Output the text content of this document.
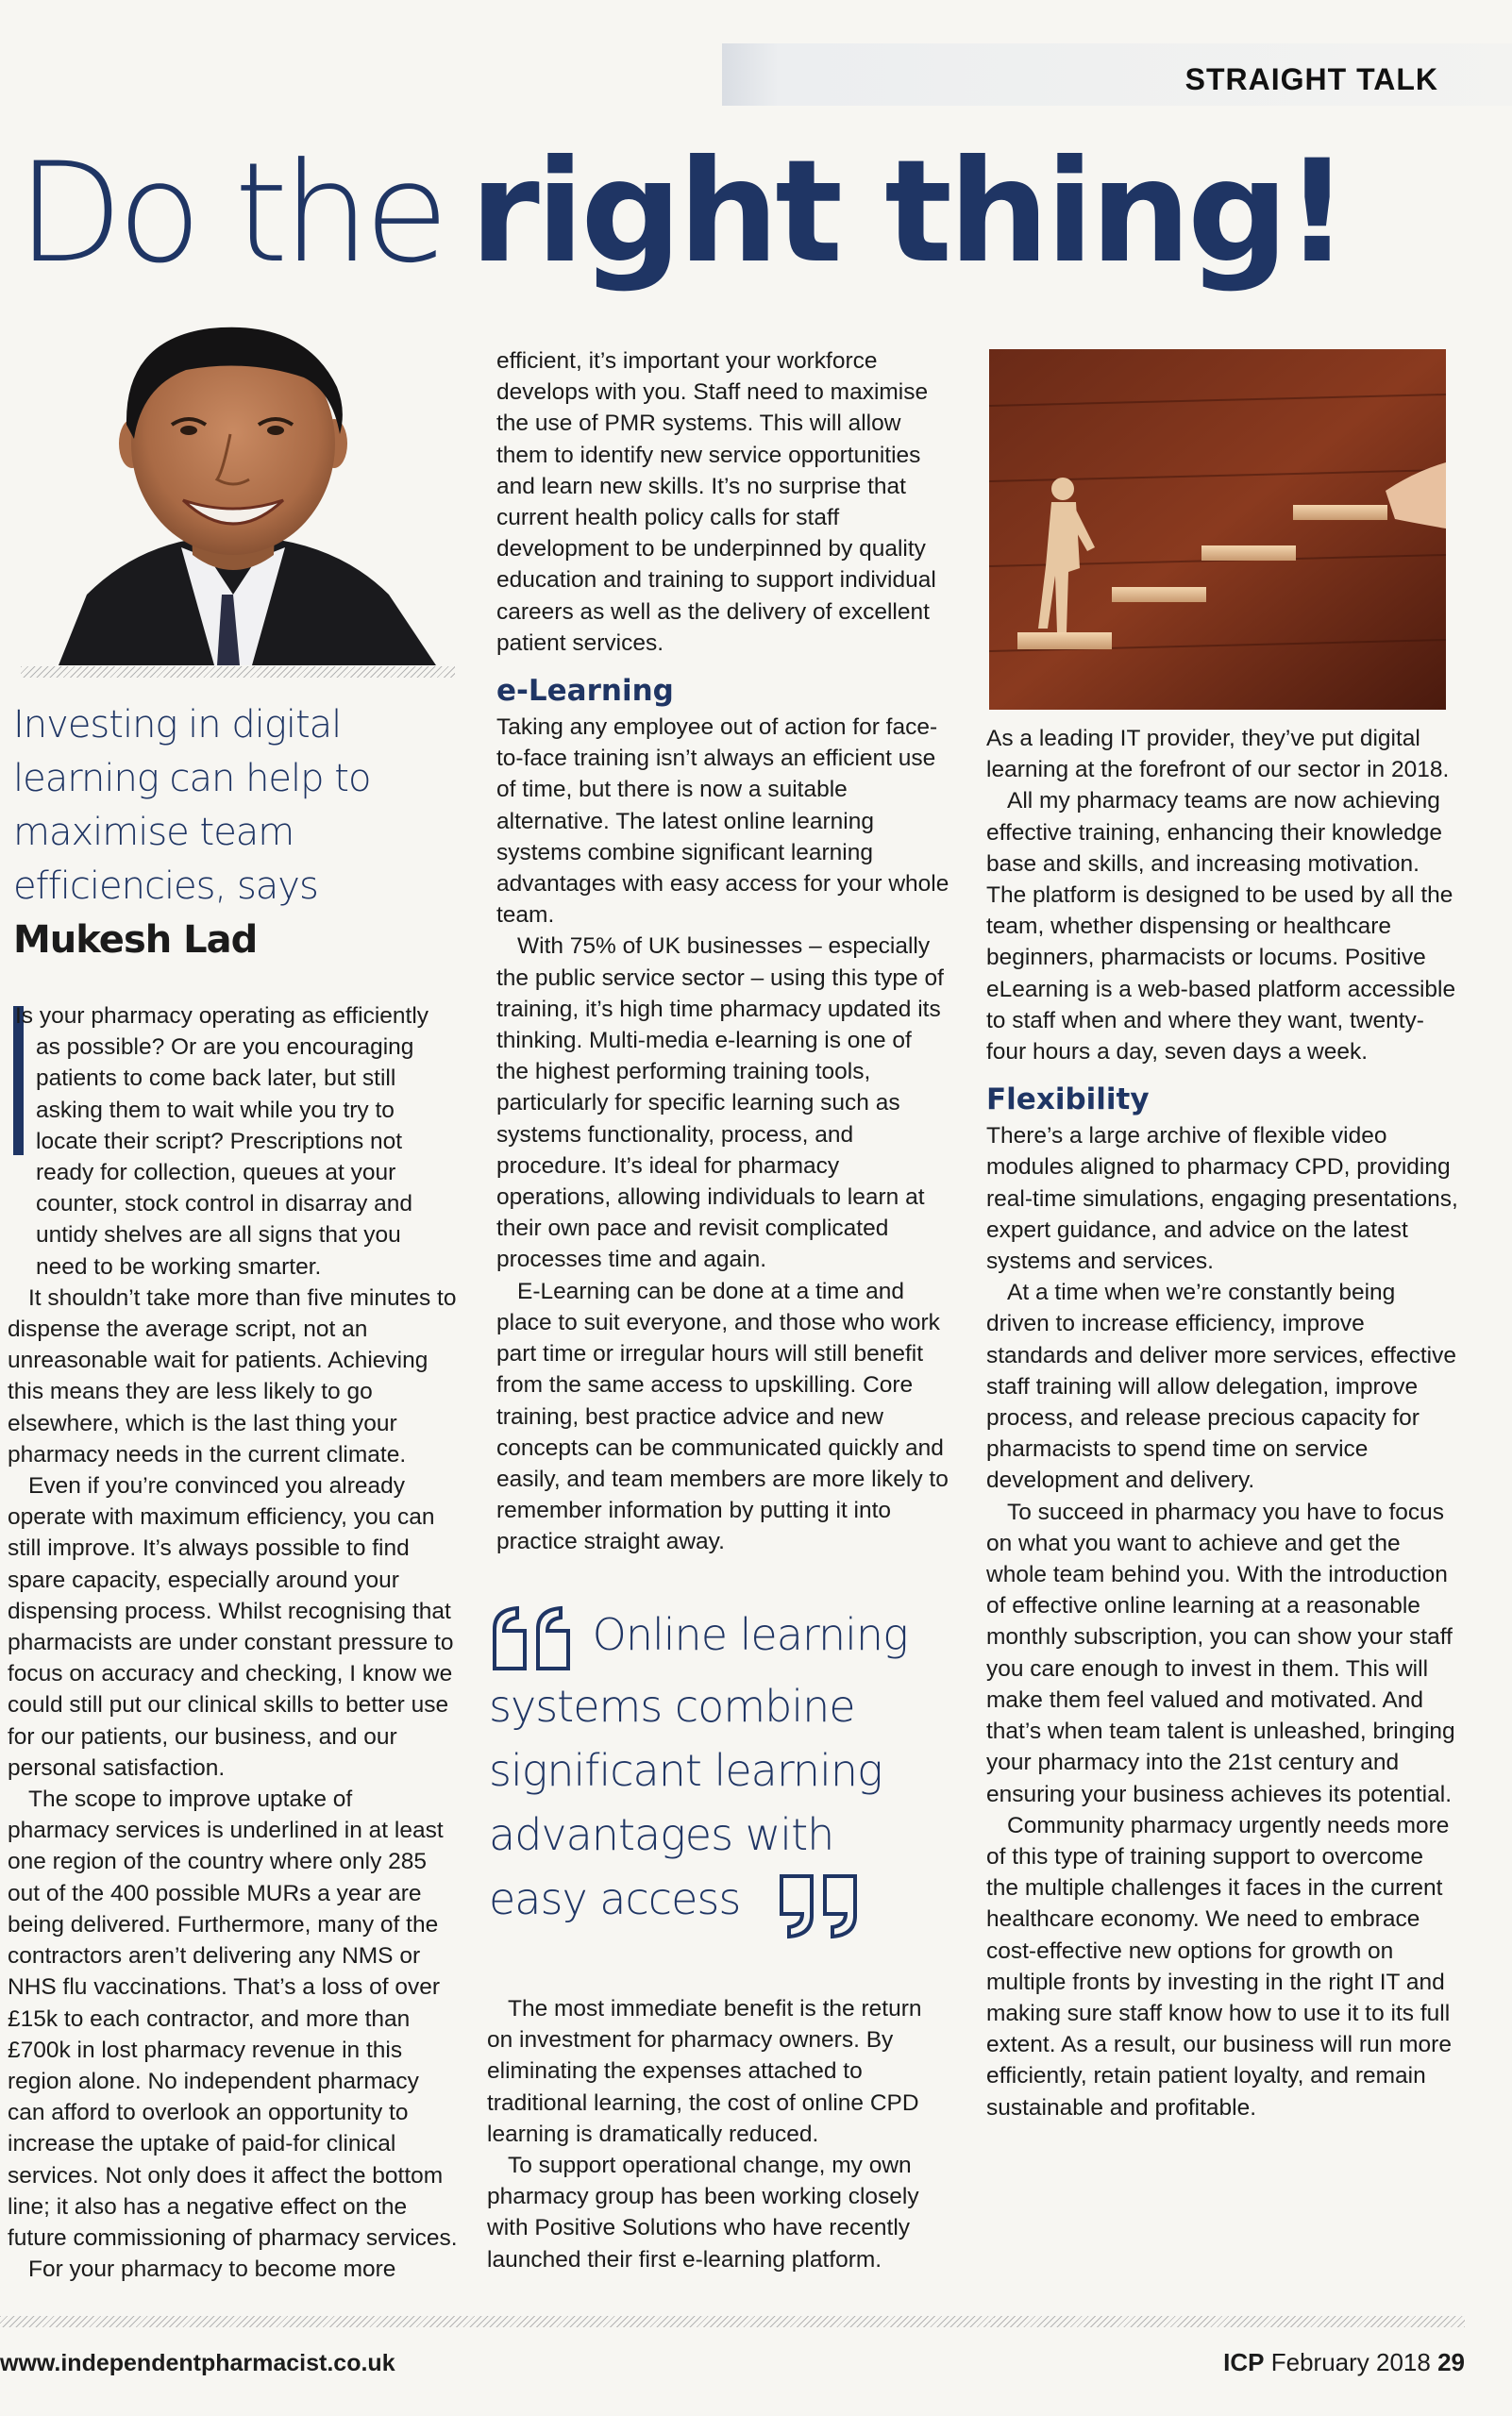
STRAIGHT TALK
Do the right thing!
Investing in digital learning can help to maximise team efficiencies, says
Mukesh Lad

Is your pharmacy operating as efficiently as possible? Or are you encouraging patients to come back later, but still asking them to wait while you try to locate their script? Prescriptions not ready for collection, queues at your counter, stock control in disarray and untidy shelves are all signs that you need to be working smarter.

It shouldn’t take more than five minutes to dispense the average script, not an unreasonable wait for patients. Achieving this means they are less likely to go elsewhere, which is the last thing your pharmacy needs in the current climate.

Even if you’re convinced you already operate with maximum efficiency, you can still improve. It’s always possible to find spare capacity, especially around your dispensing process. Whilst recognising that pharmacists are under constant pressure to focus on accuracy and checking, I know we could still put our clinical skills to better use for our patients, our business, and our personal satisfaction.

The scope to improve uptake of pharmacy services is underlined in at least one region of the country where only 285 out of the 400 possible MURs a year are being delivered. Furthermore, many of the contractors aren’t delivering any NMS or NHS flu vaccinations. That’s a loss of over £15k to each contractor, and more than £700k in lost pharmacy revenue in this region alone. No independent pharmacy can afford to overlook an opportunity to increase the uptake of paid-for clinical services. Not only does it affect the bottom line; it also has a negative effect on the future commissioning of pharmacy services.

For your pharmacy to become more

efficient, it’s important your workforce develops with you. Staff need to maximise the use of PMR systems. This will allow them to identify new service opportunities and learn new skills. It’s no surprise that current health policy calls for staff development to be underpinned by quality education and training to support individual careers as well as the delivery of excellent patient services.

e-Learning

Taking any employee out of action for face-to-face training isn’t always an efficient use of time, but there is now a suitable alternative. The latest online learning systems combine significant learning advantages with easy access for your whole team.

With 75% of UK businesses – especially the public service sector – using this type of training, it’s high time pharmacy updated its thinking. Multi-media e-learning is one of the highest performing training tools, particularly for specific learning such as systems functionality, process, and procedure. It’s ideal for pharmacy operations, allowing individuals to learn at their own pace and revisit complicated processes time and again.

E-Learning can be done at a time and place to suit everyone, and those who work part time or irregular hours will still benefit from the same access to upskilling. Core training, best practice advice and new concepts can be communicated quickly and easily, and team members are more likely to remember information by putting it into practice straight away.

Online learning systems combine significant learning advantages with easy access

The most immediate benefit is the return on investment for pharmacy owners. By eliminating the expenses attached to traditional learning, the cost of online CPD learning is dramatically reduced.

To support operational change, my own pharmacy group has been working closely with Positive Solutions who have recently launched their first e-learning platform.

As a leading IT provider, they’ve put digital learning at the forefront of our sector in 2018.

All my pharmacy teams are now achieving effective training, enhancing their knowledge base and skills, and increasing motivation. The platform is designed to be used by all the team, whether dispensing or healthcare beginners, pharmacists or locums. Positive eLearning is a web-based platform accessible to staff when and where they want, twenty-four hours a day, seven days a week.

Flexibility

There’s a large archive of flexible video modules aligned to pharmacy CPD, providing real-time simulations, engaging presentations, expert guidance, and advice on the latest systems and services.

At a time when we’re constantly being driven to increase efficiency, improve standards and deliver more services, effective staff training will allow delegation, improve process, and release precious capacity for pharmacists to spend time on service development and delivery.

To succeed in pharmacy you have to focus on what you want to achieve and get the whole team behind you. With the introduction of effective online learning at a reasonable monthly subscription, you can show your staff you care enough to invest in them. This will make them feel valued and motivated. And that’s when team talent is unleashed, bringing your pharmacy into the 21st century and ensuring your business achieves its potential.

Community pharmacy urgently needs more of this type of training support to overcome the multiple challenges it faces in the current healthcare economy. We need to embrace cost-effective new options for growth on multiple fronts by investing in the right IT and making sure staff know how to use it to its full extent. As a result, our business will run more efficiently, retain patient loyalty, and remain sustainable and profitable.

www.independentpharmacist.co.uk	ICP February 2018 29
